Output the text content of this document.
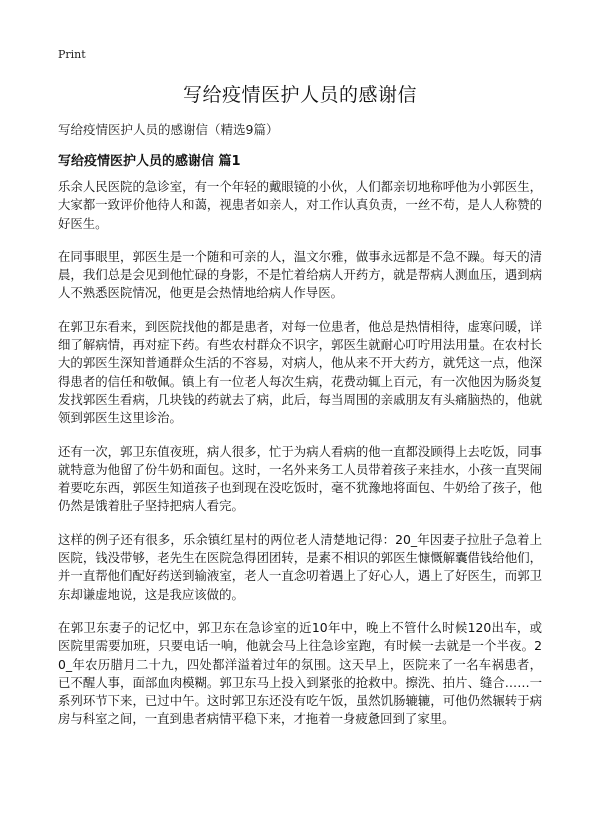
Print
写给疫情医护人员的感谢信
写给疫情医护人员的感谢信（精选9篇）
写给疫情医护人员的感谢信 篇1

乐余人民医院的急诊室，有一个年轻的戴眼镜的小伙，人们都亲切地称呼他为小郭医生，大家都一致评价他待人和蔼，视患者如亲人，对工作认真负责，一丝不苟，是人人称赞的好医生。

在同事眼里，郭医生是一个随和可亲的人，温文尔雅，做事永远都是不急不躁。每天的清晨，我们总是会见到他忙碌的身影，不是忙着给病人开药方，就是帮病人测血压，遇到病人不熟悉医院情况，他更是会热情地给病人作导医。

在郭卫东看来，到医院找他的都是患者，对每一位患者，他总是热情相待，虚寒问暖，详细了解病情，再对症下药。有些农村群众不识字，郭医生就耐心叮咛用法用量。在农村长大的郭医生深知普通群众生活的不容易，对病人，他从来不开大药方，就凭这一点，他深得患者的信任和敬佩。镇上有一位老人每次生病，花费动辄上百元，有一次他因为肠炎复发找郭医生看病，几块钱的药就去了病，此后，每当周围的亲戚朋友有头痛脑热的，他就领到郭医生这里诊治。

还有一次，郭卫东值夜班，病人很多，忙于为病人看病的他一直都没顾得上去吃饭，同事就特意为他留了份牛奶和面包。这时，一名外来务工人员带着孩子来挂水，小孩一直哭闹着要吃东西，郭医生知道孩子也到现在没吃饭时，毫不犹豫地将面包、牛奶给了孩子，他仍然是饿着肚子坚持把病人看完。

这样的例子还有很多，乐余镇红星村的两位老人清楚地记得：20_年因妻子拉肚子急着上医院，钱没带够，老先生在医院急得团团转，是素不相识的郭医生慷慨解囊借钱给他们，并一直帮他们配好药送到输液室，老人一直念叨着遇上了好心人，遇上了好医生，而郭卫东却谦虚地说，这是我应该做的。

在郭卫东妻子的记忆中，郭卫东在急诊室的近10年中，晚上不管什么时候120出车，或医院里需要加班，只要电话一响，他就会马上往急诊室跑，有时候一去就是一个半夜。20_年农历腊月二十九，四处都洋溢着过年的氛围。这天早上，医院来了一名车祸患者，已不醒人事，面部血肉模糊。郭卫东马上投入到紧张的抢救中。擦洗、拍片、缝合……一系列环节下来，已过中午。这时郭卫东还没有吃午饭，虽然饥肠辘辘，可他仍然辗转于病房与科室之间，一直到患者病情平稳下来，才拖着一身疲惫回到了家里。
